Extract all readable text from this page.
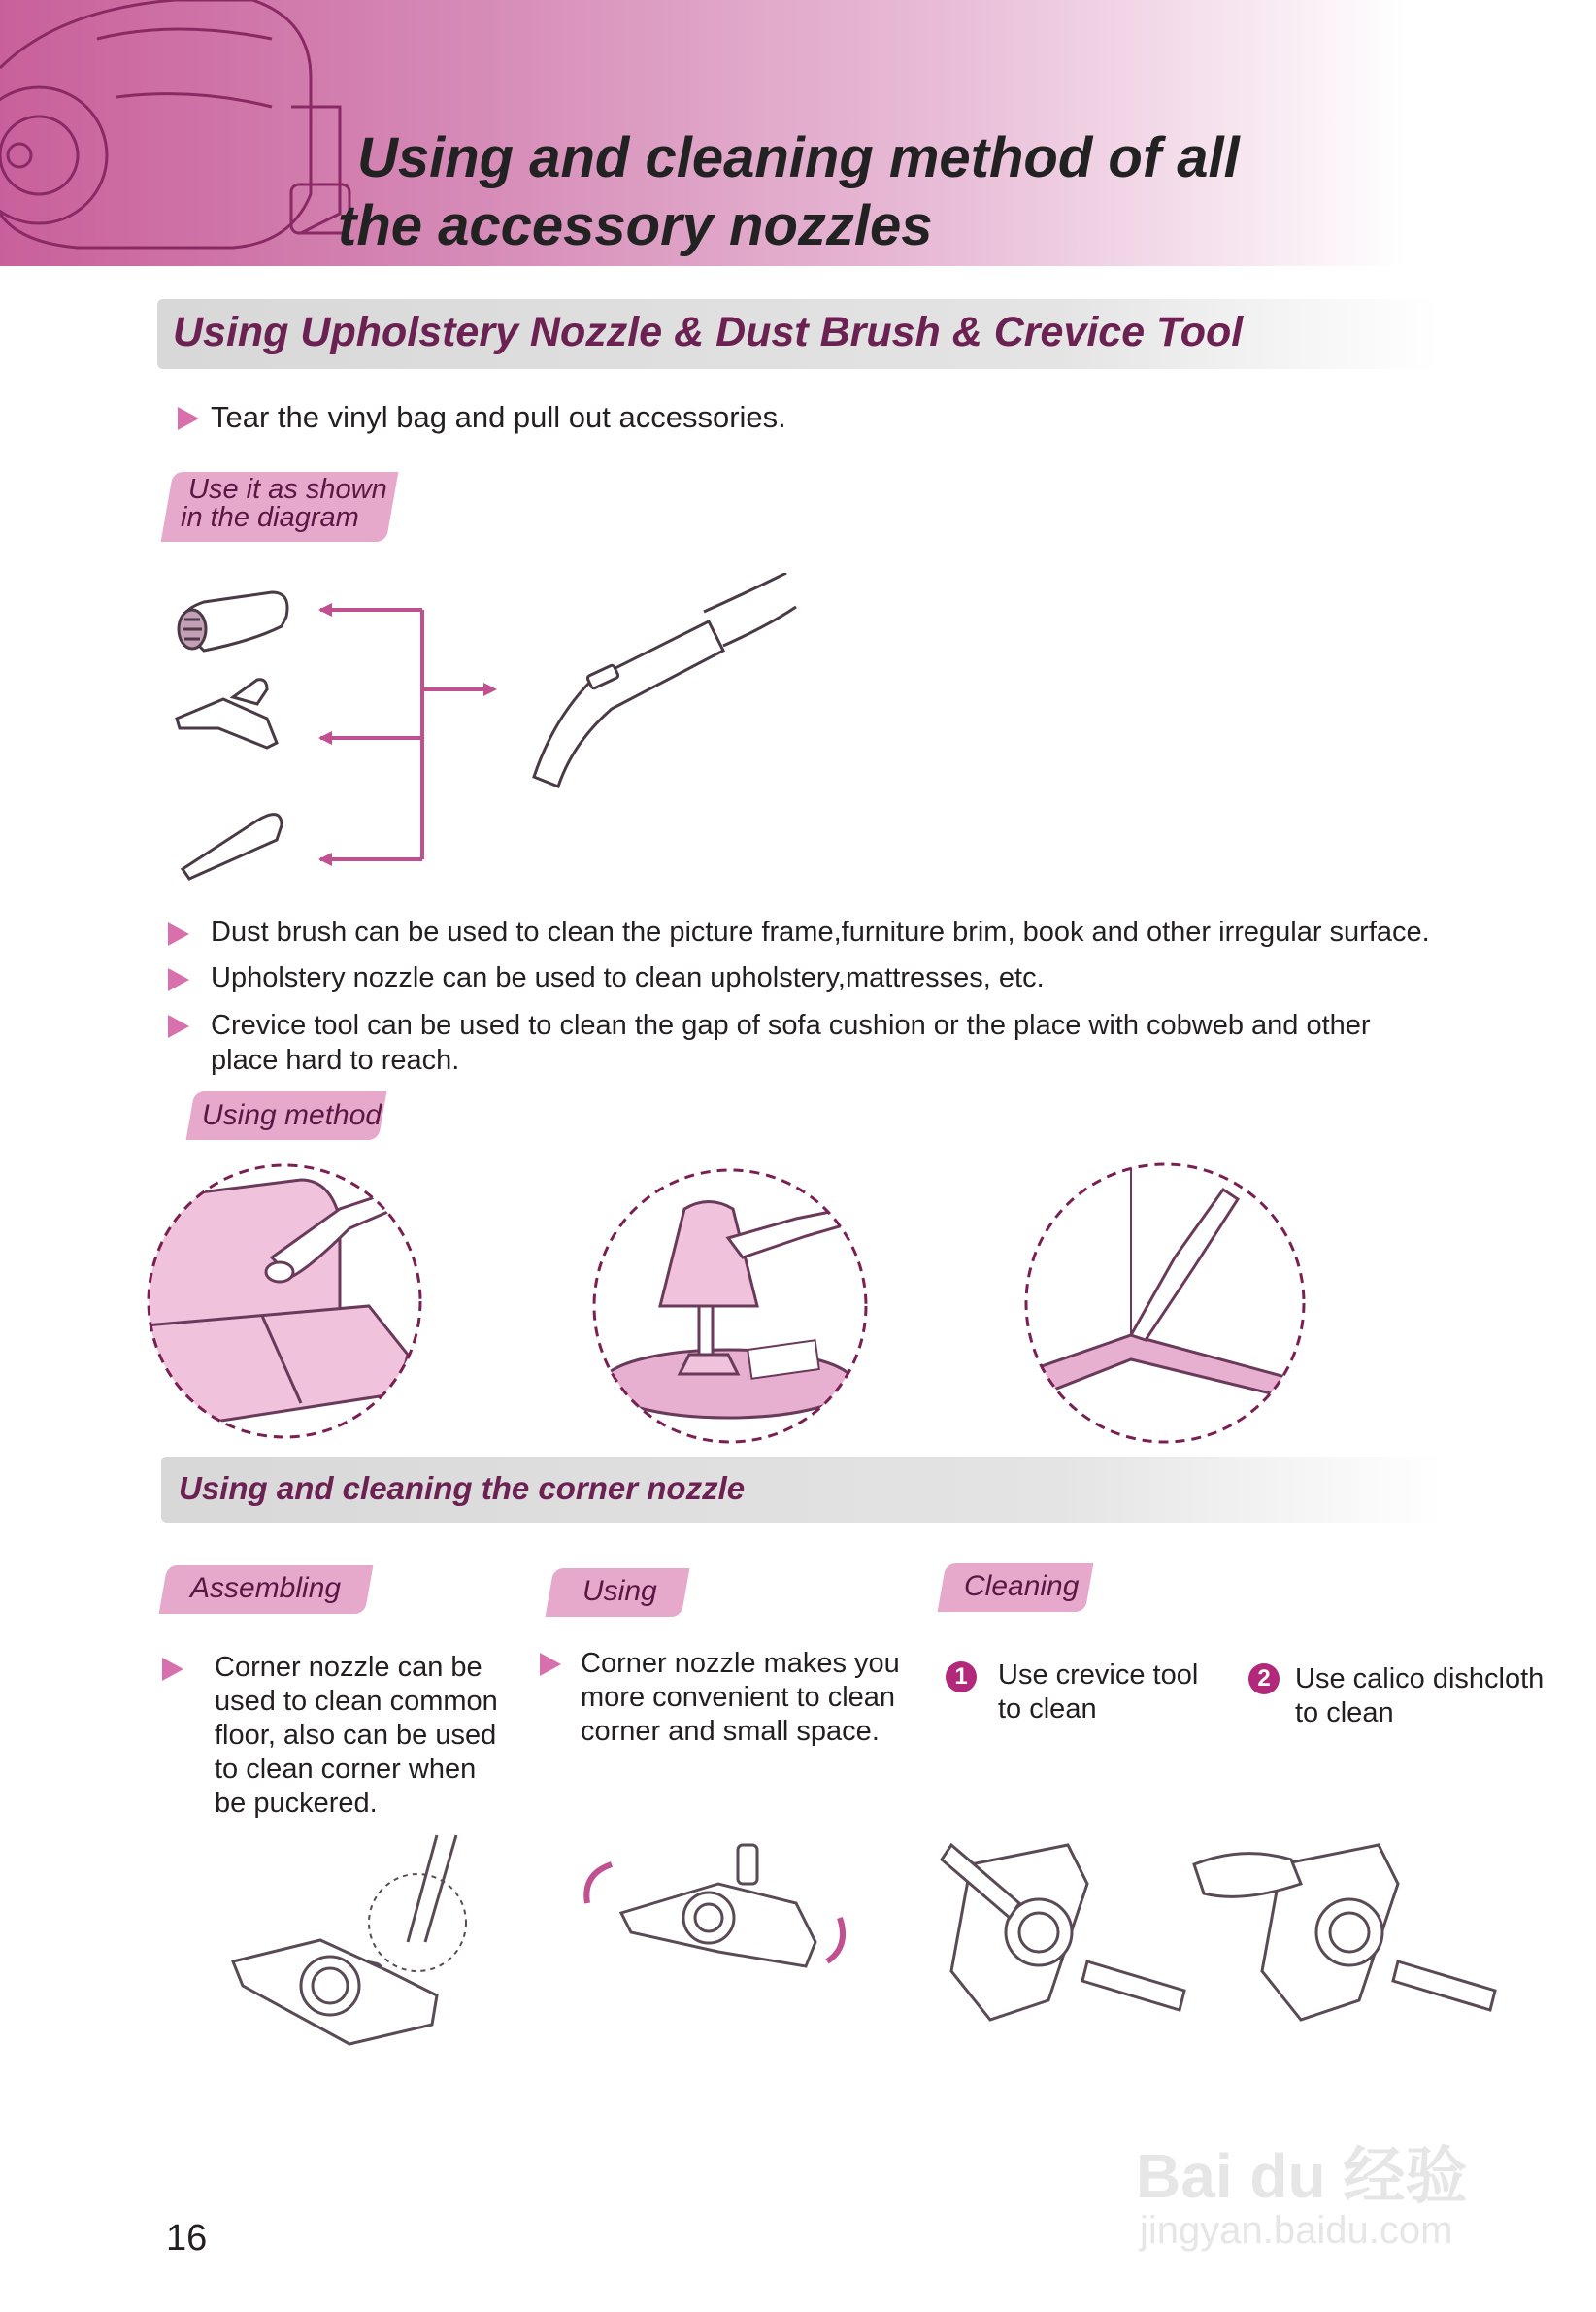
Using and cleaning method of all
the accessory nozzles
Using Upholstery Nozzle & Dust Brush & Crevice Tool
Tear the vinyl bag and pull out accessories.
Use it as shown
in the diagram
Dust brush can be used to clean the picture frame,furniture brim, book and other irregular surface.
Upholstery nozzle can be used to clean upholstery,mattresses, etc.
Crevice tool can be used to clean the gap of sofa cushion or the place with cobweb and other
place hard to reach.
Using method
Using and cleaning the corner nozzle
Assembling
Corner nozzle can be
used to clean common
floor, also can be used
to clean corner when
be puckered.
Using
Corner nozzle makes you
more convenient to clean
corner and small space.
Cleaning
1	Use crevice tool
to clean
2 Use calico dishcloth
to clean
16
Bai du 经验
jingyan.baidu.com
